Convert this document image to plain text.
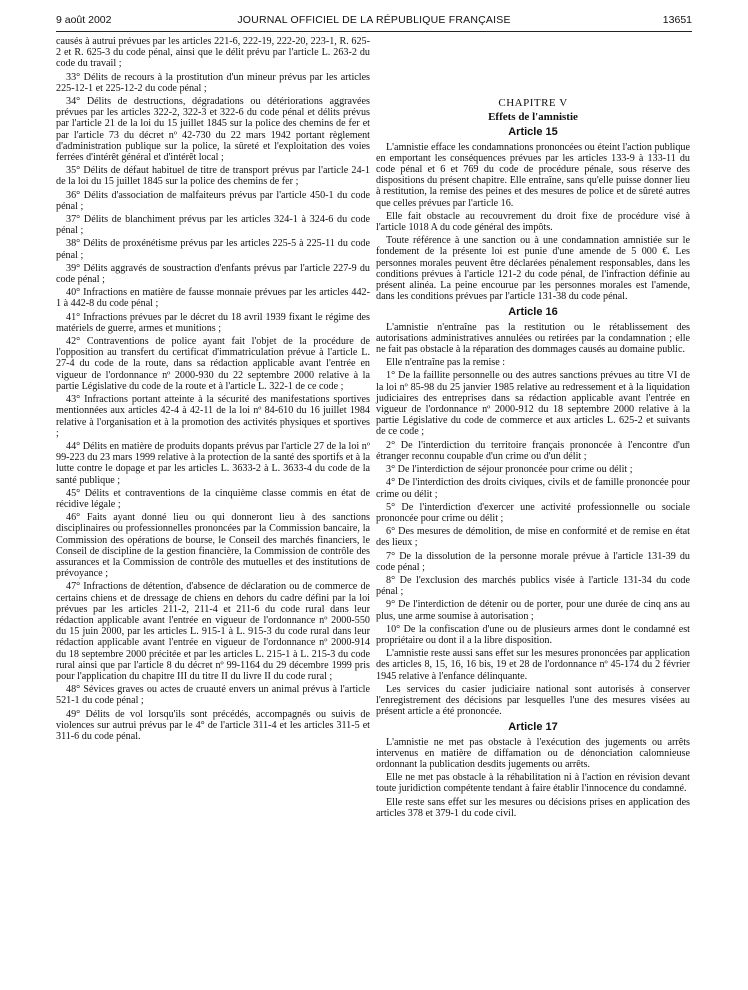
9 août 2002	JOURNAL OFFICIEL DE LA RÉPUBLIQUE FRANÇAISE	13651

causés à autrui prévues par les articles 221-6, 222-19, 222-20, 223-1, R. 625-2 et R. 625-3 du code pénal, ainsi que le délit prévu par l'article L. 263-2 du code du travail ;

33° Délits de recours à la prostitution d'un mineur prévus par les articles 225-12-1 et 225-12-2 du code pénal ;

34° Délits de destructions, dégradations ou détériorations aggravées prévues par les articles 322-2, 322-3 et 322-6 du code pénal et délits prévus par l'article 21 de la loi du 15 juillet 1845 sur la police des chemins de fer et par l'article 73 du décret nº 42-730 du 22 mars 1942 portant règlement d'administration publique sur la police, la sûreté et l'exploitation des voies ferrées d'intérêt général et d'intérêt local ;

35° Délits de défaut habituel de titre de transport prévus par l'article 24-1 de la loi du 15 juillet 1845 sur la police des chemins de fer ;

36° Délits d'association de malfaiteurs prévus par l'article 450-1 du code pénal ;

37° Délits de blanchiment prévus par les articles 324-1 à 324-6 du code pénal ;

38° Délits de proxénétisme prévus par les articles 225-5 à 225-11 du code pénal ;

39° Délits aggravés de soustraction d'enfants prévus par l'article 227-9 du code pénal ;

40° Infractions en matière de fausse monnaie prévues par les articles 442-1 à 442-8 du code pénal ;

41° Infractions prévues par le décret du 18 avril 1939 fixant le régime des matériels de guerre, armes et munitions ;

42° Contraventions de police ayant fait l'objet de la procédure de l'opposition au transfert du certificat d'immatriculation prévue à l'article L. 27-4 du code de la route, dans sa rédaction applicable avant l'entrée en vigueur de l'ordonnance nº 2000-930 du 22 septembre 2000 relative à la partie Législative du code de la route et à l'article L. 322-1 de ce code ;

43° Infractions portant atteinte à la sécurité des manifestations sportives mentionnées aux articles 42-4 à 42-11 de la loi nº 84-610 du 16 juillet 1984 relative à l'organisation et à la promotion des activités physiques et sportives ;

44° Délits en matière de produits dopants prévus par l'article 27 de la loi nº 99-223 du 23 mars 1999 relative à la protection de la santé des sportifs et à la lutte contre le dopage et par les articles L. 3633-2 à L. 3633-4 du code de la santé publique ;

45° Délits et contraventions de la cinquième classe commis en état de récidive légale ;

46° Faits ayant donné lieu ou qui donneront lieu à des sanctions disciplinaires ou professionnelles prononcées par la Commission bancaire, la Commission des opérations de bourse, le Conseil des marchés financiers, le Conseil de discipline de la gestion financière, la Commission de contrôle des assurances et la Commission de contrôle des mutuelles et des institutions de prévoyance ;

47° Infractions de détention, d'absence de déclaration ou de commerce de certains chiens et de dressage de chiens en dehors du cadre défini par la loi prévues par les articles 211-2, 211-4 et 211-6 du code rural dans leur rédaction applicable avant l'entrée en vigueur de l'ordonnance nº 2000-550 du 15 juin 2000, par les articles L. 915-1 à L. 915-3 du code rural dans leur rédaction applicable avant l'entrée en vigueur de l'ordonnance nº 2000-914 du 18 septembre 2000 précitée et par les articles L. 215-1 à L. 215-3 du code rural ainsi que par l'article 8 du décret nº 99-1164 du 29 décembre 1999 pris pour l'application du chapitre III du titre II du livre II du code rural ;

48° Sévices graves ou actes de cruauté envers un animal prévus à l'article 521-1 du code pénal ;

49° Délits de vol lorsqu'ils sont précédés, accompagnés ou suivis de violences sur autrui prévus par le 4° de l'article 311-4 et les articles 311-5 et 311-6 du code pénal.

CHAPITRE V
Effets de l'amnistie
Article 15

L'amnistie efface les condamnations prononcées ou éteint l'action publique en emportant les conséquences prévues par les articles 133-9 à 133-11 du code pénal et 6 et 769 du code de procédure pénale, sous réserve des dispositions du présent chapitre. Elle entraîne, sans qu'elle puisse donner lieu à restitution, la remise des peines et des mesures de police et de sûreté autres que celles prévues par l'article 16.

Elle fait obstacle au recouvrement du droit fixe de procédure visé à l'article 1018 A du code général des impôts.

Toute référence à une sanction ou à une condamnation amnistiée sur le fondement de la présente loi est punie d'une amende de 5 000 €. Les personnes morales peuvent être déclarées pénalement responsables, dans les conditions prévues à l'article 121-2 du code pénal, de l'infraction définie au présent alinéa. La peine encourue par les personnes morales est l'amende, dans les conditions prévues par l'article 131-38 du code pénal.

Article 16

L'amnistie n'entraîne pas la restitution ou le rétablissement des autorisations administratives annulées ou retirées par la condamnation ; elle ne fait pas obstacle à la réparation des dommages causés au domaine public.

Elle n'entraîne pas la remise :

1° De la faillite personnelle ou des autres sanctions prévues au titre VI de la loi nº 85-98 du 25 janvier 1985 relative au redressement et à la liquidation judiciaires des entreprises dans sa rédaction applicable avant l'entrée en vigueur de l'ordonnance nº 2000-912 du 18 septembre 2000 relative à la partie Législative du code de commerce et aux articles L. 625-2 et suivants de ce code ;

2° De l'interdiction du territoire français prononcée à l'encontre d'un étranger reconnu coupable d'un crime ou d'un délit ;

3° De l'interdiction de séjour prononcée pour crime ou délit ;

4° De l'interdiction des droits civiques, civils et de famille prononcée pour crime ou délit ;

5° De l'interdiction d'exercer une activité professionnelle ou sociale prononcée pour crime ou délit ;

6° Des mesures de démolition, de mise en conformité et de remise en état des lieux ;

7° De la dissolution de la personne morale prévue à l'article 131-39 du code pénal ;

8° De l'exclusion des marchés publics visée à l'article 131-34 du code pénal ;

9° De l'interdiction de détenir ou de porter, pour une durée de cinq ans au plus, une arme soumise à autorisation ;

10° De la confiscation d'une ou de plusieurs armes dont le condamné est propriétaire ou dont il a la libre disposition.

L'amnistie reste aussi sans effet sur les mesures prononcées par application des articles 8, 15, 16, 16 bis, 19 et 28 de l'ordonnance nº 45-174 du 2 février 1945 relative à l'enfance délinquante.

Les services du casier judiciaire national sont autorisés à conserver l'enregistrement des décisions par lesquelles l'une des mesures visées au présent article a été prononcée.

Article 17

L'amnistie ne met pas obstacle à l'exécution des jugements ou arrêts intervenus en matière de diffamation ou de dénonciation calomnieuse ordonnant la publication desdits jugements ou arrêts.

Elle ne met pas obstacle à la réhabilitation ni à l'action en révision devant toute juridiction compétente tendant à faire établir l'innocence du condamné.

Elle reste sans effet sur les mesures ou décisions prises en application des articles 378 et 379-1 du code civil.
